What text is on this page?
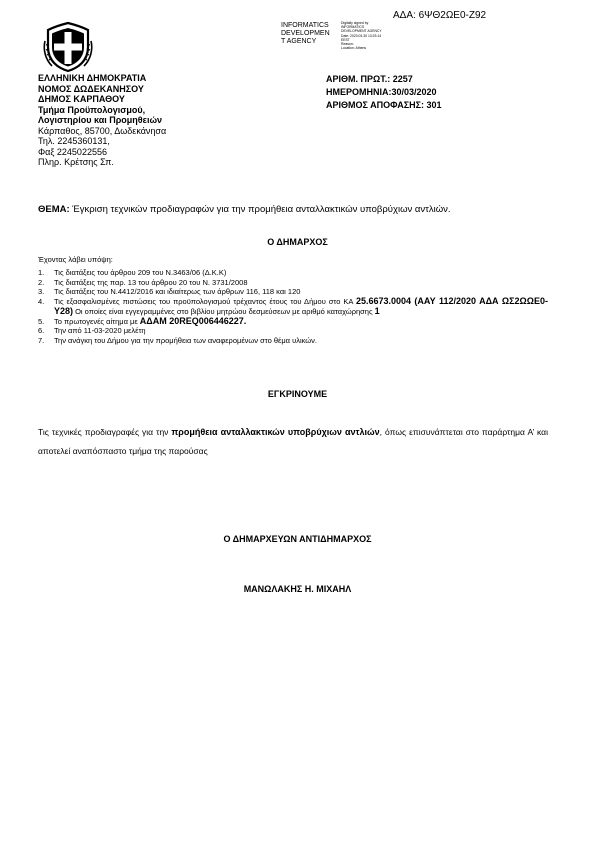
ΑΔΑ: 6ΨΘ2ΩΕ0-Ζ92
INFORMATICS
DEVELOPMEN
T AGENCY
Digitally signed by
INFORMATICS
DEVELOPMENT AGENCY
Date: 2020.03.30 13:23:14
EEST
Reason:
Location: Athens
ΕΛΛΗΝΙΚΗ ΔΗΜΟΚΡΑΤΙΑ
ΝΟΜΟΣ ΔΩΔΕΚΑΝΗΣΟΥ
ΔΗΜΟΣ ΚΑΡΠΑΘΟΥ
Τμήμα Προϋπολογισμού,
Λογιστηρίου και Προμηθειών
Κάρπαθος, 85700, Δωδεκάνησα
Τηλ. 2245360131,
Φαξ 2245022556
Πληρ. Κρέτσης Σπ.
ΑΡΙΘΜ. ΠΡΩΤ.: 2257
ΗΜΕΡΟΜΗΝΙΑ:30/03/2020
ΑΡΙΘΜΟΣ ΑΠΟΦΑΣΗΣ: 301
ΘΕΜΑ: Έγκριση τεχνικών προδιαγραφών για την προμήθεια ανταλλακτικών υποβρύχιων αντλιών.
Ο ΔΗΜΑΡΧΟΣ
Έχοντας λάβει υπόψη:
1. Τις διατάξεις του άρθρου 209 του Ν.3463/06 (Δ.Κ.Κ)
2. Τις διατάξεις της παρ. 13 του άρθρου 20 του Ν. 3731/2008
3. Τις διατάξεις του Ν.4412/2016 και ιδιαίτερως των άρθρων 116, 118 και 120
4. Τις εξασφαλισμένες πιστώσεις του προϋπολογισμού τρέχαντος έτους του Δήμου στο ΚΑ 25.6673.0004 (ΑΑΥ 112/2020 ΑΔΑ ΩΣ2ΩΩΕ0-Υ28) Οι οποίες είναι εγγεγραμμένες στο βιβλίου μητρώου δεσμεύσεων με αριθμό καταχώρησης 1
5. Το πρωτογενές αίτημα με ΑΔΑΜ 20REQ006446227.
6. Την από 11-03-2020 μελέτη
7. Την ανάγκη του Δήμου για την προμήθεια των αναφερομένων στο θέμα υλικών.
ΕΓΚΡΙΝΟΥΜΕ
Τις τεχνικές προδιαγραφές για την προμήθεια ανταλλακτικών υποβρύχιων αντλιών, όπως επισυνάπτεται στο παράρτημα Α’ και αποτελεί αναπόσπαστο τμήμα της παρούσας
Ο ΔΗΜΑΡΧΕΥΩΝ ΑΝΤΙΔΗΜΑΡΧΟΣ
ΜΑΝΩΛΑΚΗΣ Η. ΜΙΧΑΗΛ
